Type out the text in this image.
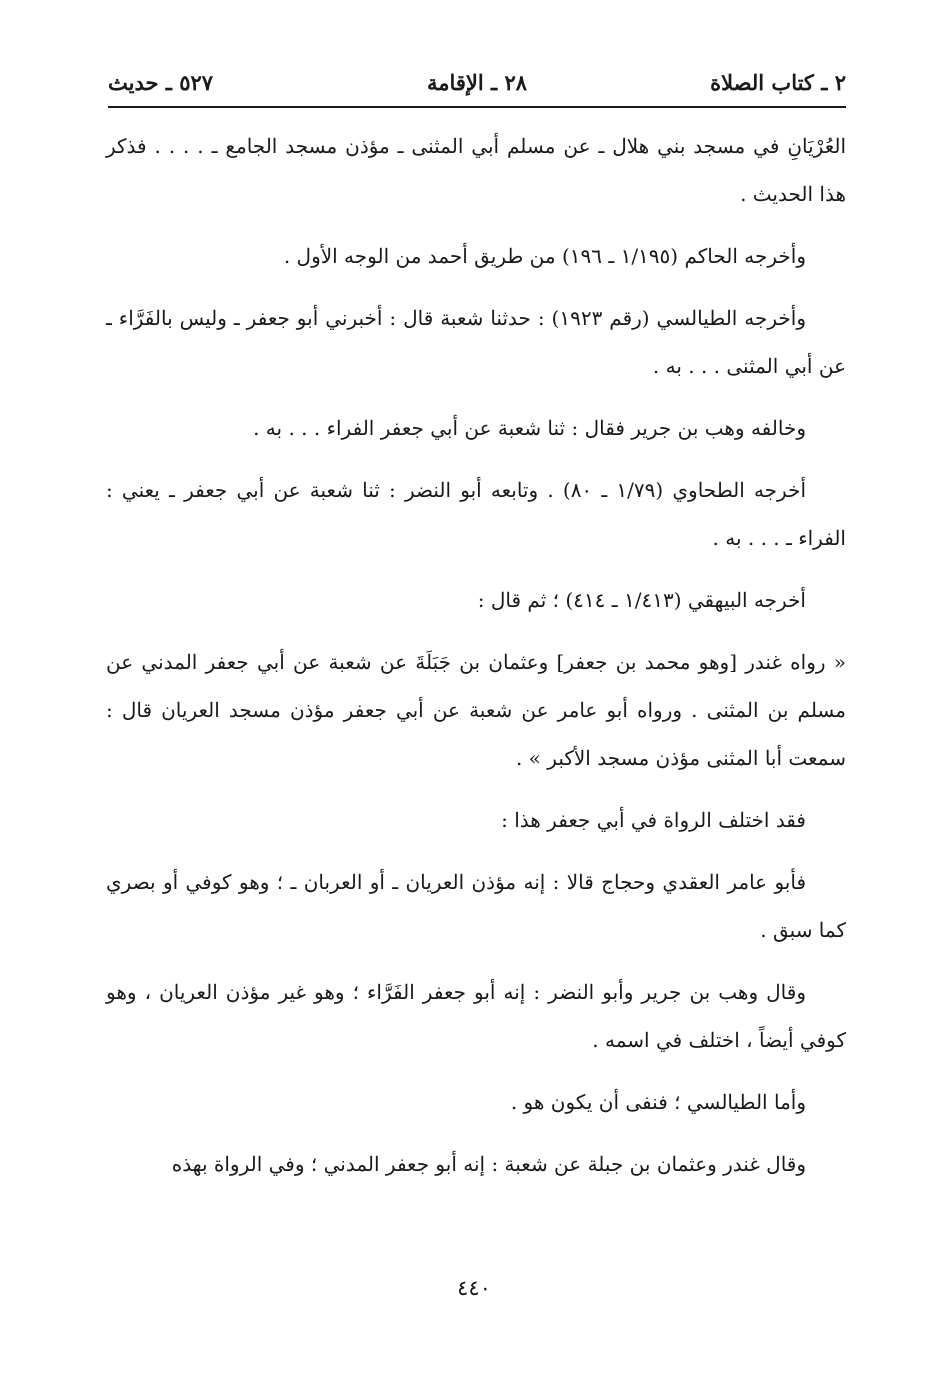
٢ ـ كتاب الصلاة
٢٨ ـ الإقامة
٥٢٧ ـ حديث

العُرْيَانِ في مسجد بني هلال ـ عن مسلم أبي المثنى ـ مؤذن مسجد الجامع ـ . . . . فذكر هذا الحديث .

وأخرجه الحاكم (١/١٩٥ ـ ١٩٦) من طريق أحمد من الوجه الأول .

وأخرجه الطيالسي (رقم ١٩٢٣) : حدثنا شعبة قال : أخبرني أبو جعفر ـ وليس بالفَرَّاء ـ عن أبي المثنى . . . به .

وخالفه وهب بن جرير فقال : ثنا شعبة عن أبي جعفر الفراء . . . به .

أخرجه الطحاوي (١/٧٩ ـ ٨٠) . وتابعه أبو النضر : ثنا شعبة عن أبي جعفر ـ يعني : الفراء ـ . . . به .

أخرجه البيهقي (١/٤١٣ ـ ٤١٤) ؛ ثم قال :

« رواه غندر [وهو محمد بن جعفر] وعثمان بن جَبَلَةَ عن شعبة عن أبي جعفر المدني عن مسلم بن المثنى . ورواه أبو عامر عن شعبة عن أبي جعفر مؤذن مسجد العريان قال : سمعت أبا المثنى مؤذن مسجد الأكبر » .

فقد اختلف الرواة في أبي جعفر هذا :

فأبو عامر العقدي وحجاج قالا : إنه مؤذن العريان ـ أو العربان ـ ؛ وهو كوفي أو بصري كما سبق .

وقال وهب بن جرير وأبو النضر : إنه أبو جعفر الفَرَّاء ؛ وهو غير مؤذن العريان ، وهو كوفي أيضاً ، اختلف في اسمه .

وأما الطيالسي ؛ فنفى أن يكون هو .

وقال غندر وعثمان بن جبلة عن شعبة : إنه أبو جعفر المدني ؛ وفي الرواة بهذه

٤٤٠
